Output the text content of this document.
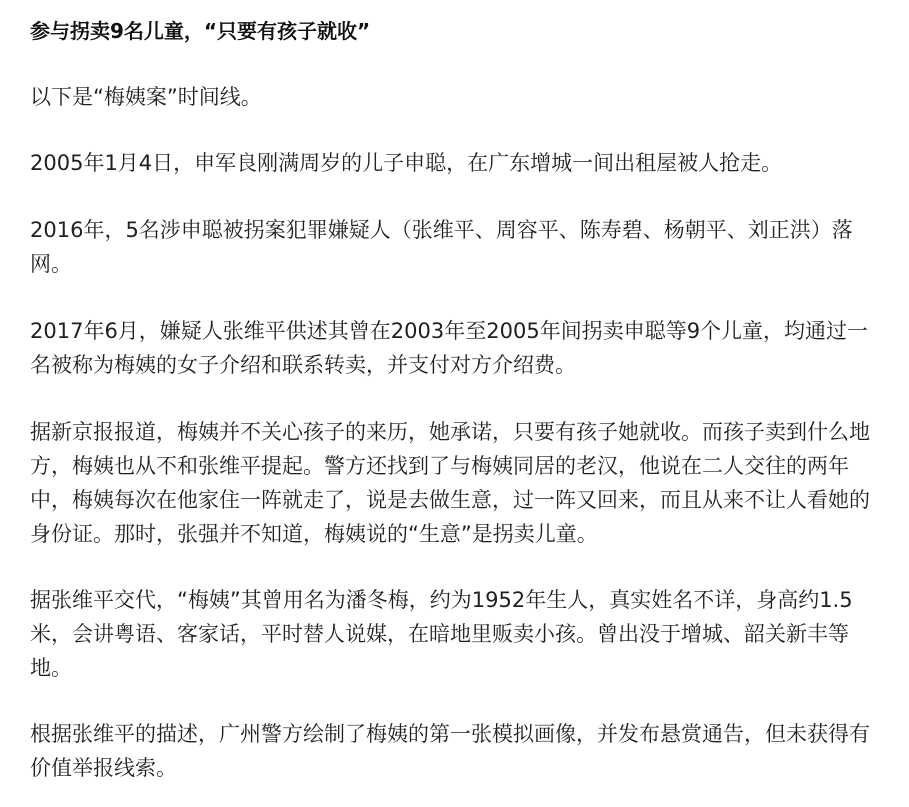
参与拐卖9名儿童，“只要有孩子就收”

以下是“梅姨案”时间线。

2005年1月4日，申军良刚满周岁的儿子申聪，在广东增城一间出租屋被人抢走。

2016年，5名涉申聪被拐案犯罪嫌疑人（张维平、周容平、陈寿碧、杨朝平、刘正洪）落网。

2017年6月，嫌疑人张维平供述其曾在2003年至2005年间拐卖申聪等9个儿童，均通过一名被称为梅姨的女子介绍和联系转卖，并支付对方介绍费。

据新京报报道，梅姨并不关心孩子的来历，她承诺，只要有孩子她就收。而孩子卖到什么地方，梅姨也从不和张维平提起。警方还找到了与梅姨同居的老汉，他说在二人交往的两年中，梅姨每次在他家住一阵就走了，说是去做生意，过一阵又回来，而且从来不让人看她的身份证。那时，张强并不知道，梅姨说的“生意”是拐卖儿童。

据张维平交代，“梅姨”其曾用名为潘冬梅，约为1952年生人，真实姓名不详，身高约1.5米，会讲粤语、客家话，平时替人说媒，在暗地里贩卖小孩。曾出没于增城、韶关新丰等地。

根据张维平的描述，广州警方绘制了梅姨的第一张模拟画像，并发布悬赏通告，但未获得有价值举报线索。
